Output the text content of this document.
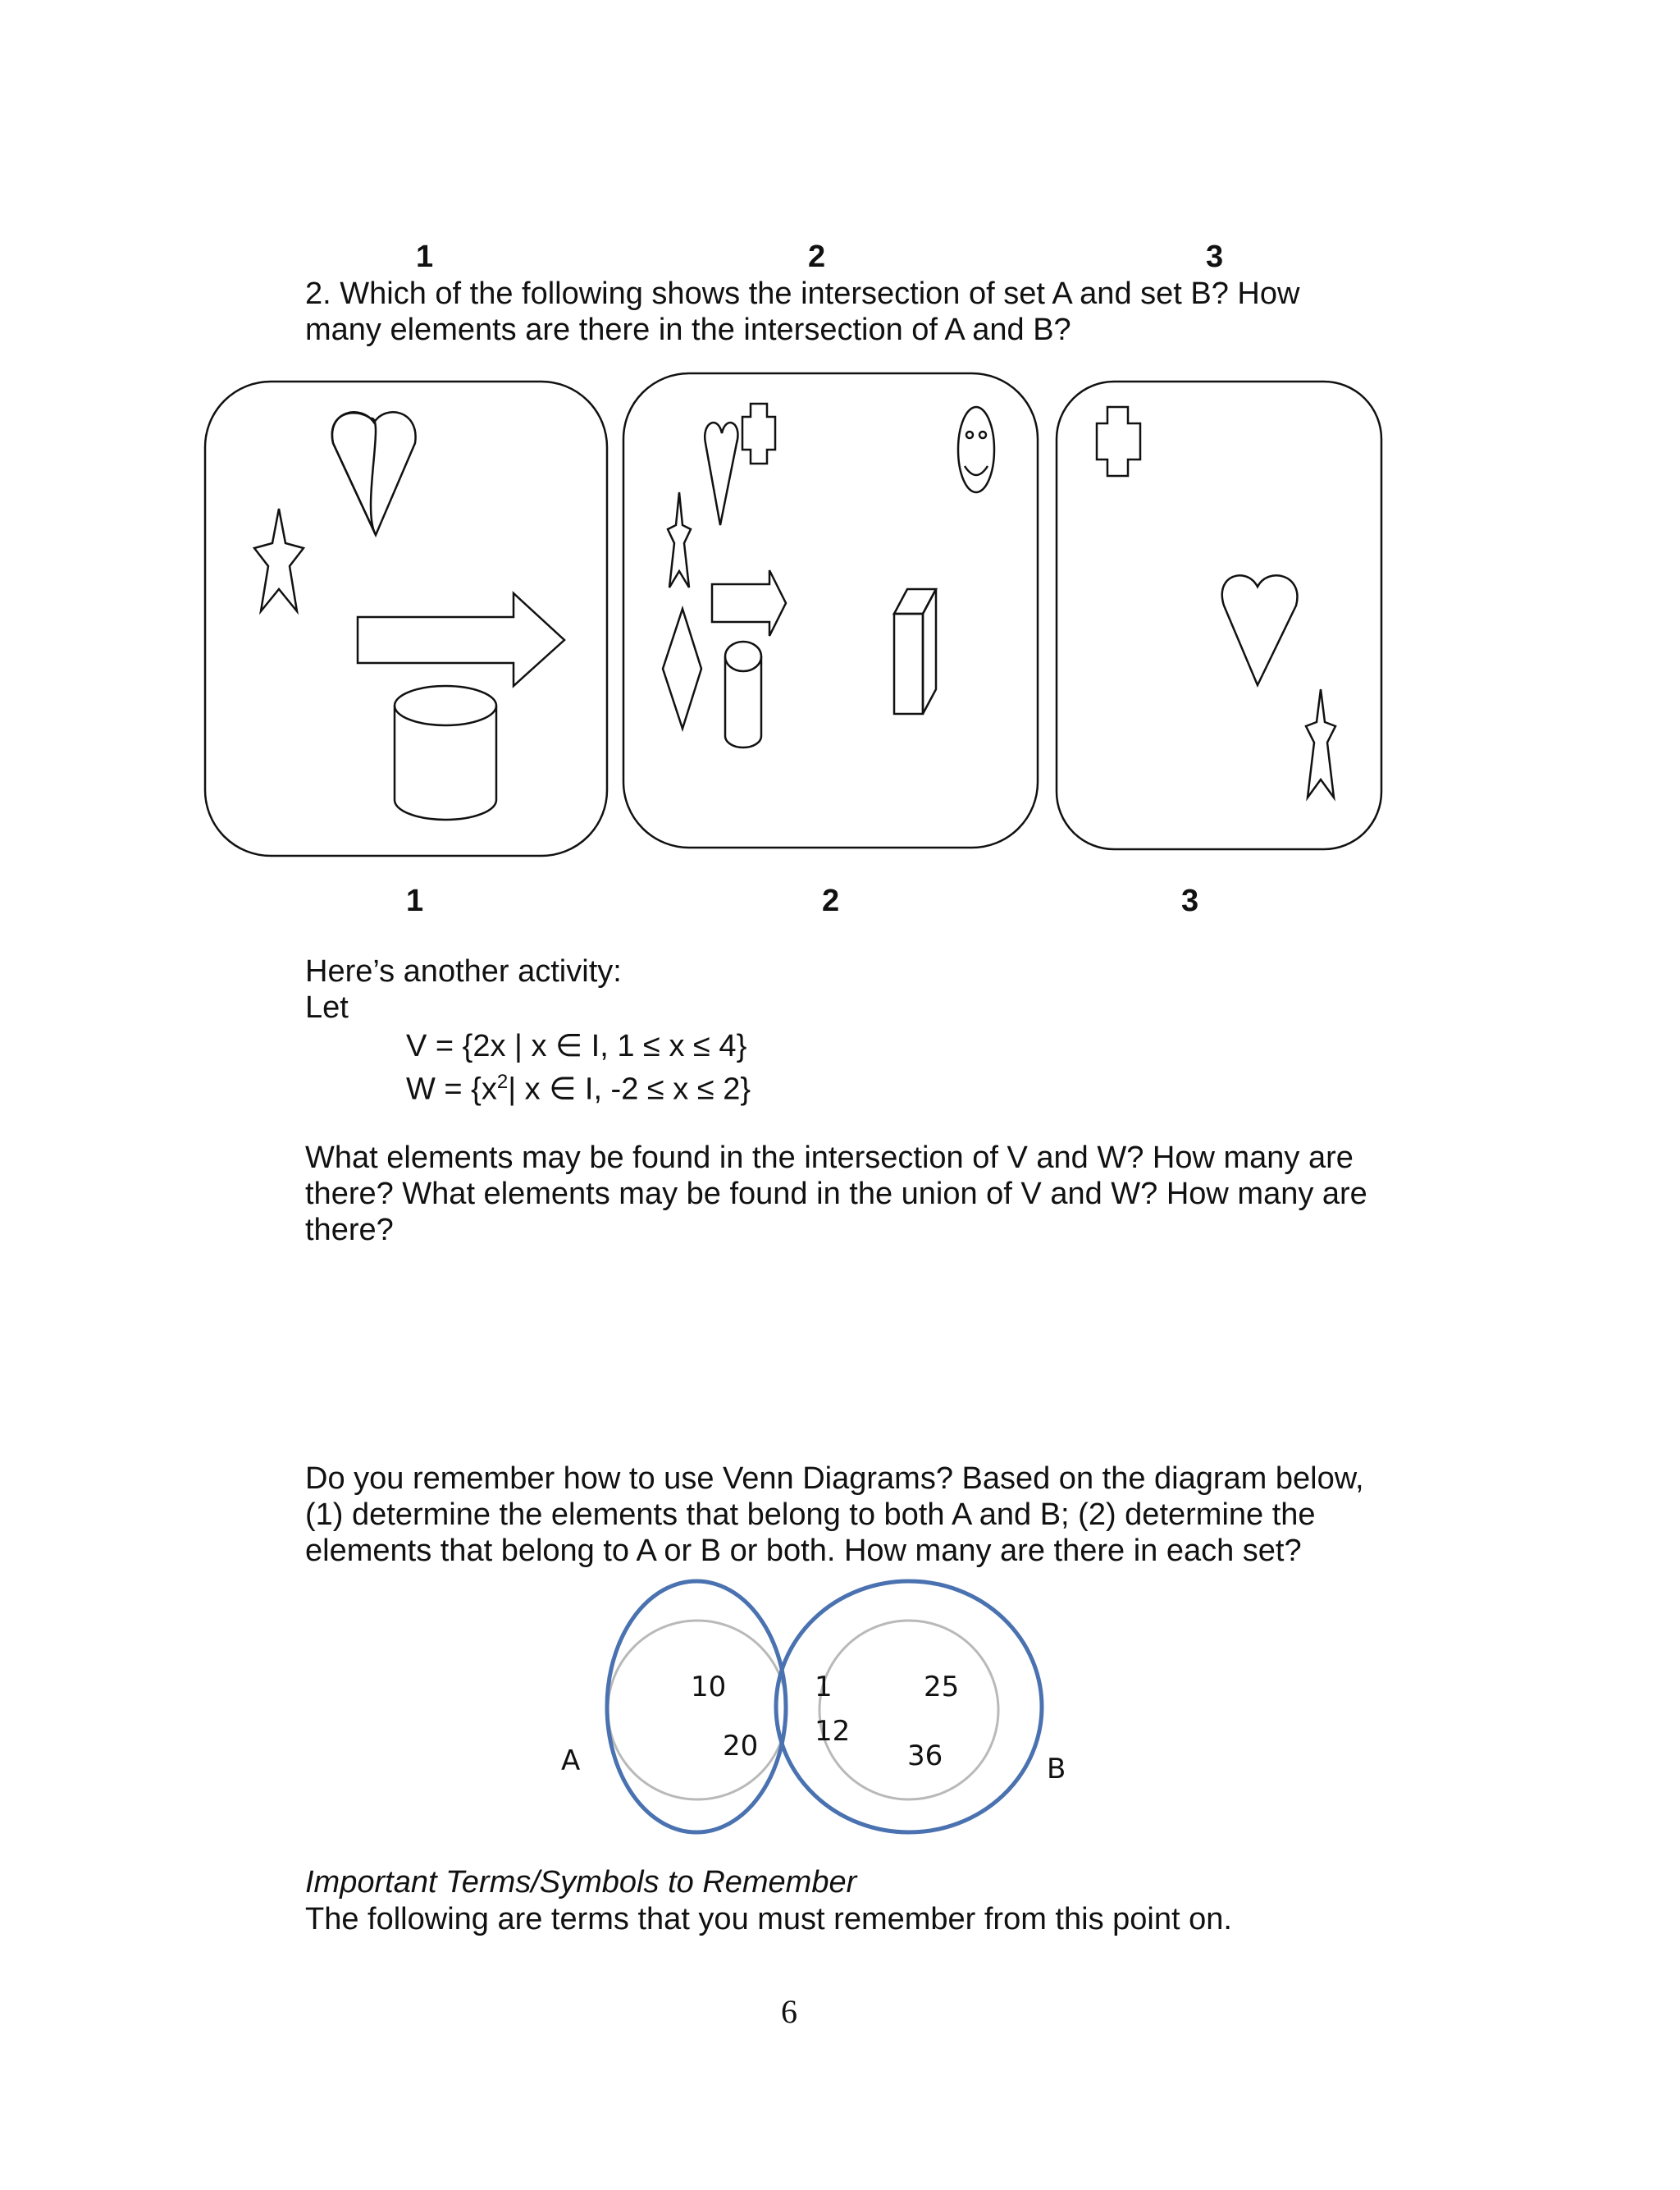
1	2	3
2. Which of the following shows the intersection of set A and set B? How
many elements are there in the intersection of A and B?
1	2	3
Here’s another activity:
Let
V = {2x | x ∈ I, 1 ≤ x ≤ 4}
$W = \{x^2|$ x ∈ I, -2 ≤ x ≤ 2}
What elements may be found in the intersection of V and W? How many are
there? What elements may be found in the union of V and W? How many are
there?
Do you remember how to use Venn Diagrams? Based on the diagram below,
(1) determine the elements that belong to both A and B; (2) determine the
elements that belong to A or B or both. How many are there in each set?
10
20
1
12
25
36
A	B
Important Terms/Symbols to Remember
The following are terms that you must remember from this point on.
6
